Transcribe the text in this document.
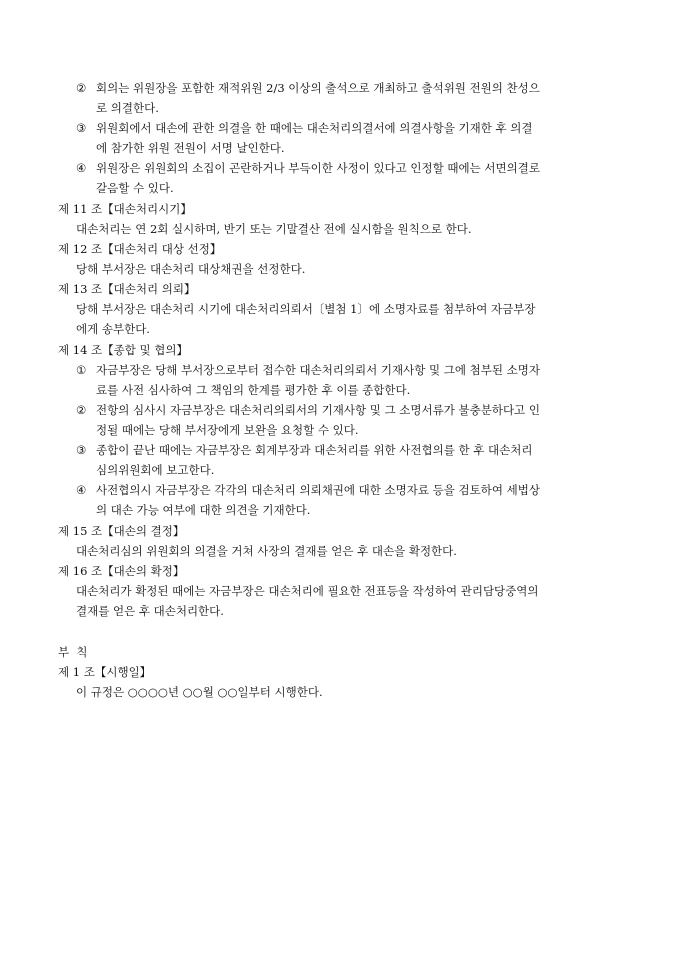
② 회의는 위원장을 포함한 재적위원 2/3 이상의 출석으로 개최하고 출석위원 전원의 찬성으
로 의결한다.
③ 위원회에서 대손에 관한 의결을 한 때에는 대손처리의결서에 의결사항을 기재한 후 의결
에 참가한 위원 전원이 서명 날인한다.
④ 위원장은 위원회의 소집이 곤란하거나 부득이한 사정이 있다고 인정할 때에는 서면의결로
갈음할 수 있다.
제 11 조【대손처리시기】
대손처리는 연 2회 실시하며, 반기 또는 기말결산 전에 실시함을 원칙으로 한다.
제 12 조【대손처리 대상 선정】
당해 부서장은 대손처리 대상채권을 선정한다.
제 13 조【대손처리 의뢰】
당해 부서장은 대손처리 시기에 대손처리의뢰서〔별첨 1〕에 소명자료를 첨부하여 자금부장
에게 송부한다.
제 14 조【종합 및 협의】
① 자금부장은 당해 부서장으로부터 접수한 대손처리의뢰서 기재사항 및 그에 첨부된 소명자
료를 사전 심사하여 그 책임의 한계를 평가한 후 이를 종합한다.
② 전항의 심사시 자금부장은 대손처리의뢰서의 기재사항 및 그 소명서류가 불충분하다고 인
정될 때에는 당해 부서장에게 보완을 요청할 수 있다.
③ 종합이 끝난 때에는 자금부장은 회계부장과 대손처리를 위한 사전협의를 한 후 대손처리
심의위원회에 보고한다.
④ 사전협의시 자금부장은 각각의 대손처리 의뢰채권에 대한 소명자료 등을 검토하여 세법상
의 대손 가능 여부에 대한 의견을 기재한다.
제 15 조【대손의 결정】
대손처리심의 위원회의 의결을 거쳐 사장의 결재를 얻은 후 대손을 확정한다.
제 16 조【대손의 확정】
대손처리가 확정된 때에는 자금부장은 대손처리에 필요한 전표등을 작성하여 관리담당중역의
결재를 얻은 후 대손처리한다.
부  칙
제 1 조【시행일】
이 규정은 ○○○○년 ○○월 ○○일부터 시행한다.
